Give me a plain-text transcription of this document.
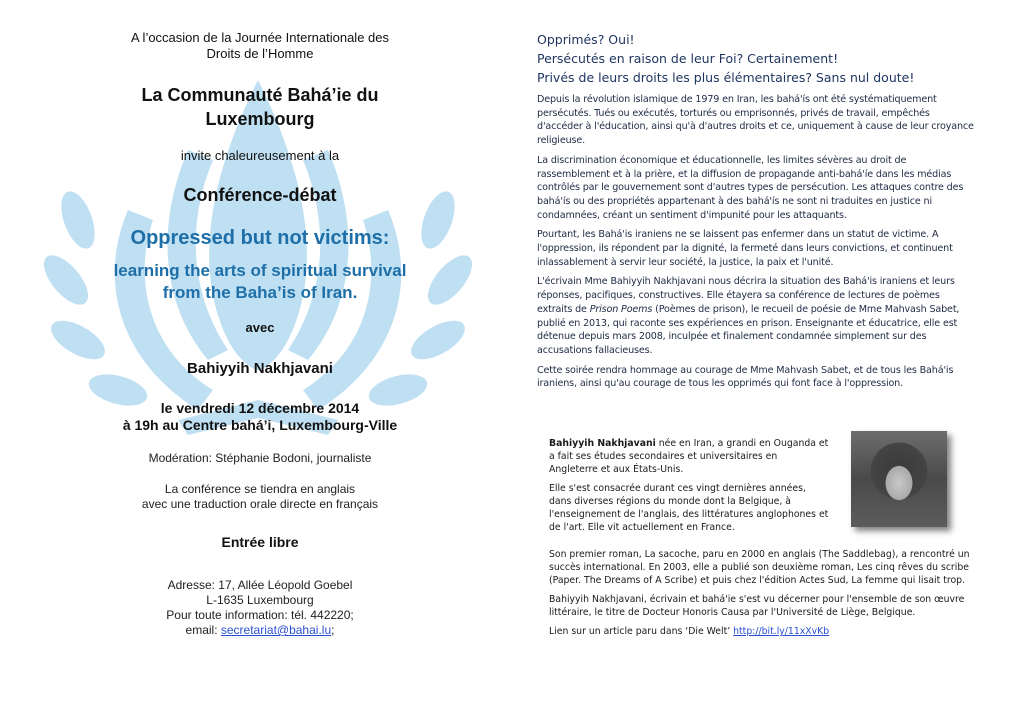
A l’occasion de la Journée Internationale des
Droits de l’Homme
La Communauté Bahá’ie du
Luxembourg
invite chaleureusement à la
Conférence-débat
Oppressed but not victims:
learning the arts of spiritual survival
from the Baha’is of Iran.
avec
Bahiyyih Nakhjavani
le vendredi 12 décembre 2014
à 19h au Centre bahá’i, Luxembourg-Ville
Modération: Stéphanie Bodoni, journaliste
La conférence se tiendra en anglais
avec une traduction orale directe en français
Entrée libre
Adresse: 17, Allée Léopold Goebel
L-1635 Luxembourg
Pour toute information: tél. 442220;
email: secretariat@bahai.lu;
Opprimés? Oui!
Persécutés en raison de leur Foi? Certainement!
Privés de leurs droits les plus élémentaires? Sans nul doute!

Depuis la révolution islamique de 1979 en Iran, les bahá'ís ont été systématiquement persécutés. Tués ou exécutés, torturés ou emprisonnés, privés de travail, empêchés d'accéder à l'éducation, ainsi qu'à d'autres droits et ce, uniquement à cause de leur croyance religieuse.

La discrimination économique et éducationnelle, les limites sévères au droit de rassemblement et à la prière, et la diffusion de propagande anti-bahá'íe dans les médias contrôlés par le gouvernement sont d'autres types de persécution. Les attaques contre des bahá'ís ou des propriétés appartenant à des bahá'ís ne sont ni traduites en justice ni condamnées, créant un sentiment d'impunité pour les attaquants.

Pourtant, les Bahá'is iraniens ne se laissent pas enfermer dans un statut de victime. A l'oppression, ils répondent par la dignité, la fermeté dans leurs convictions, et continuent inlassablement à servir leur société, la justice, la paix et l'unité.

L'écrivain Mme Bahiyyih Nakhjavani nous décrira la situation des Bahá'is iraniens et leurs réponses, pacifiques, constructives. Elle étayera sa conférence de lectures de poèmes extraits de Prison Poems (Poèmes de prison), le recueil de poésie de Mme Mahvash Sabet, publié en 2013, qui raconte ses expériences en prison. Enseignante et éducatrice, elle est détenue depuis mars 2008, inculpée et finalement condamnée simplement sur des accusations fallacieuses.

Cette soirée rendra hommage au courage de Mme Mahvash Sabet, et de tous les Bahá'is iraniens, ainsi qu'au courage de tous les opprimés qui font face à l'oppression.

Bahiyyih Nakhjavani née en Iran, a grandi en Ouganda et a fait ses études secondaires et universitaires en Angleterre et aux États-Unis.

Elle s'est consacrée durant ces vingt dernières années, dans diverses régions du monde dont la Belgique, à l'enseignement de l'anglais, des littératures anglophones et de l'art. Elle vit actuellement en France.

Son premier roman, La sacoche, paru en 2000 en anglais (The Saddlebag), a rencontré un succès international. En 2003, elle a publié son deuxième roman, Les cinq rêves du scribe (Paper. The Dreams of A Scribe) et puis chez l'édition Actes Sud, La femme qui lisait trop.

Bahiyyih Nakhjavani, écrivain et bahá'ie s'est vu décerner pour l'ensemble de son œuvre littéraire, le titre de Docteur Honoris Causa par l'Université de Liège, Belgique.

Lien sur un article paru dans ‘Die Welt’ http://bit.ly/11xXvKb
